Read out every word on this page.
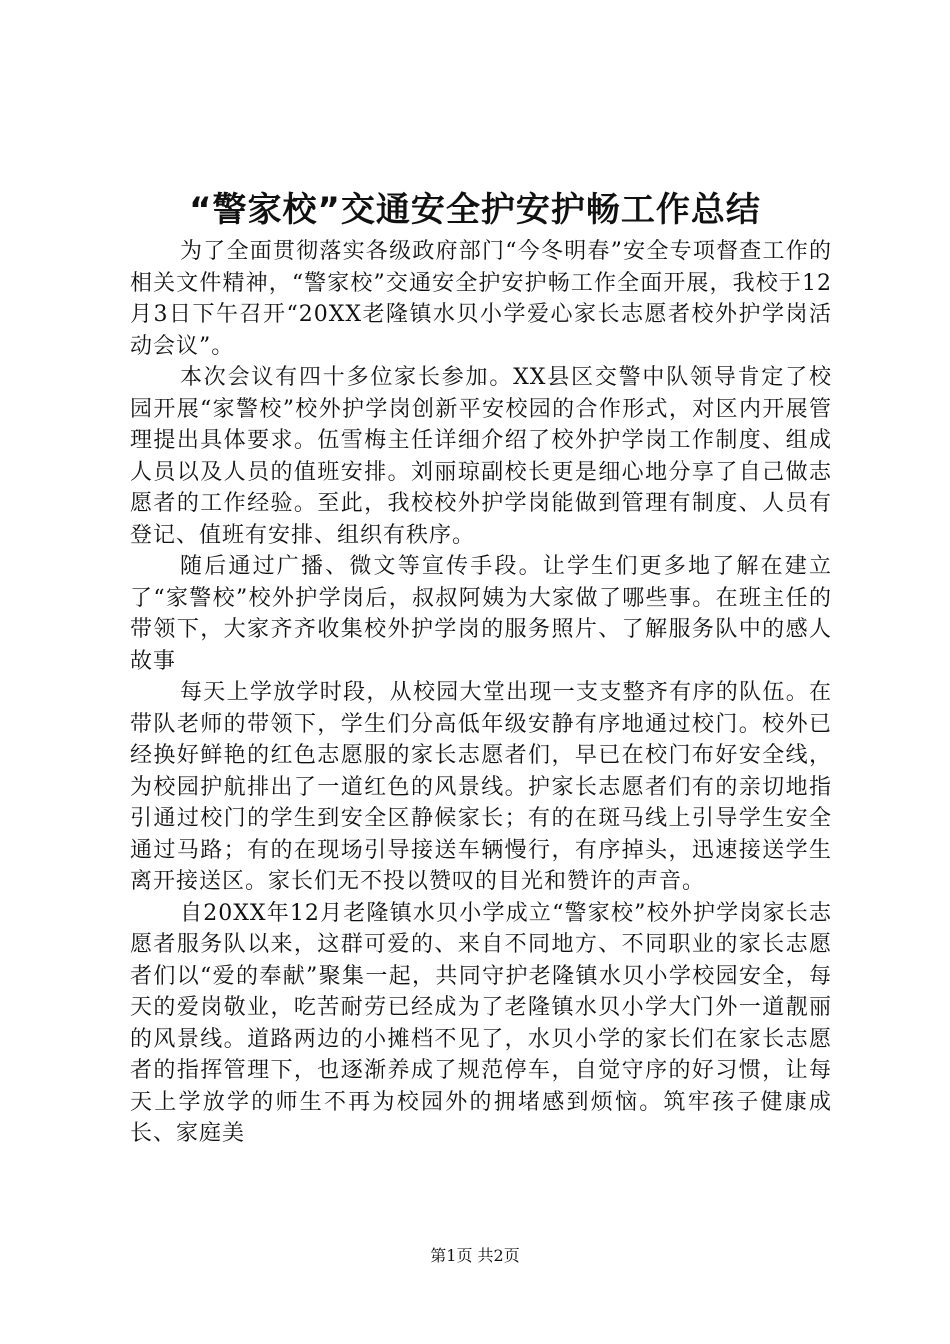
“警家校”交通安全护安护畅工作总结

为了全面贯彻落实各级政府部门“今冬明春”安全专项督查工作的相关文件精神，“警家校”交通安全护安护畅工作全面开展，我校于12月3日下午召开“20XX老隆镇水贝小学爱心家长志愿者校外护学岗活动会议”。

本次会议有四十多位家长参加。XX县区交警中队领导肯定了校园开展“家警校”校外护学岗创新平安校园的合作形式，对区内开展管理提出具体要求。伍雪梅主任详细介绍了校外护学岗工作制度、组成人员以及人员的值班安排。刘丽琼副校长更是细心地分享了自己做志愿者的工作经验。至此，我校校外护学岗能做到管理有制度、人员有登记、值班有安排、组织有秩序。

随后通过广播、微文等宣传手段。让学生们更多地了解在建立了“家警校”校外护学岗后，叔叔阿姨为大家做了哪些事。在班主任的带领下，大家齐齐收集校外护学岗的服务照片、了解服务队中的感人故事

每天上学放学时段，从校园大堂出现一支支整齐有序的队伍。在带队老师的带领下，学生们分高低年级安静有序地通过校门。校外已经换好鲜艳的红色志愿服的家长志愿者们，早已在校门布好安全线，为校园护航排出了一道红色的风景线。护家长志愿者们有的亲切地指引通过校门的学生到安全区静候家长；有的在斑马线上引导学生安全通过马路；有的在现场引导接送车辆慢行，有序掉头，迅速接送学生离开接送区。家长们无不投以赞叹的目光和赞许的声音。

自20XX年12月老隆镇水贝小学成立“警家校”校外护学岗家长志愿者服务队以来，这群可爱的、来自不同地方、不同职业的家长志愿者们以“爱的奉献”聚集一起，共同守护老隆镇水贝小学校园安全，每天的爱岗敬业，吃苦耐劳已经成为了老隆镇水贝小学大门外一道靓丽的风景线。道路两边的小摊档不见了，水贝小学的家长们在家长志愿者的指挥管理下，也逐渐养成了规范停车，自觉守序的好习惯，让每天上学放学的师生不再为校园外的拥堵感到烦恼。筑牢孩子健康成长、家庭美

第1页 共2页
